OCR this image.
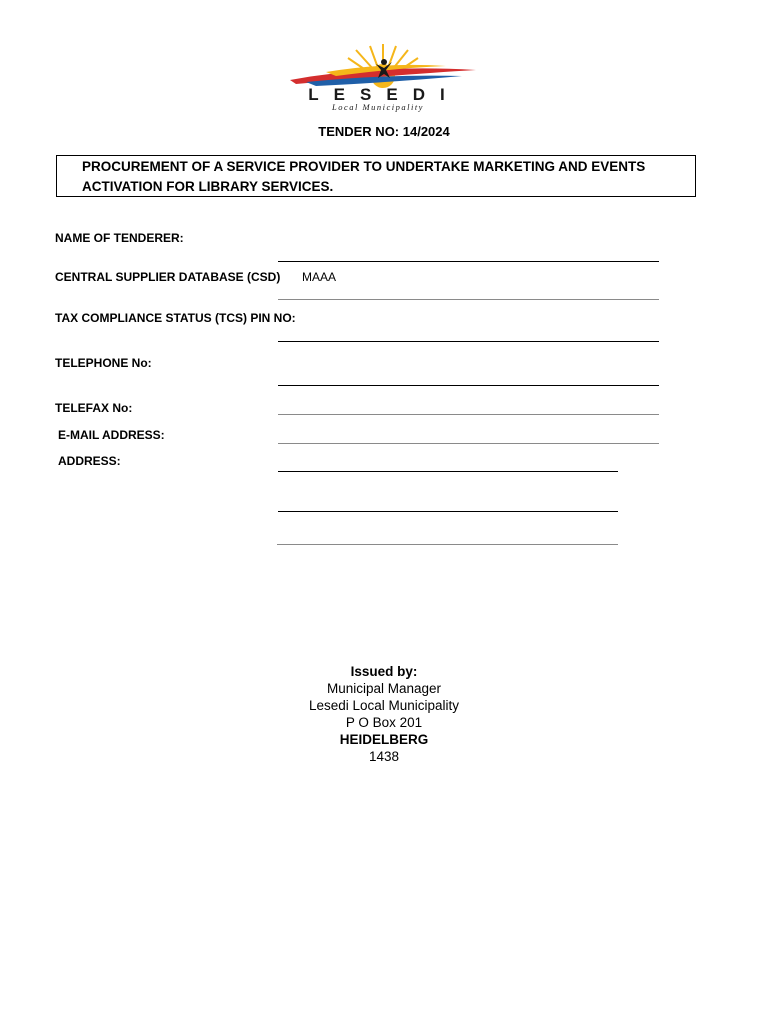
LESEDI
Local Municipality
TENDER NO: 14/2024
PROCUREMENT OF A SERVICE PROVIDER TO UNDERTAKE MARKETING AND EVENTS
ACTIVATION FOR LIBRARY SERVICES.
NAME OF TENDERER:
CENTRAL SUPPLIER DATABASE (CSD) MAAA
TAX COMPLIANCE STATUS (TCS) PIN NO:
TELEPHONE No:
TELEFAX No:
E-MAIL ADDRESS:
ADDRESS:
Issued by:
Municipal Manager
Lesedi Local Municipality
P O Box 201
HEIDELBERG
1438
